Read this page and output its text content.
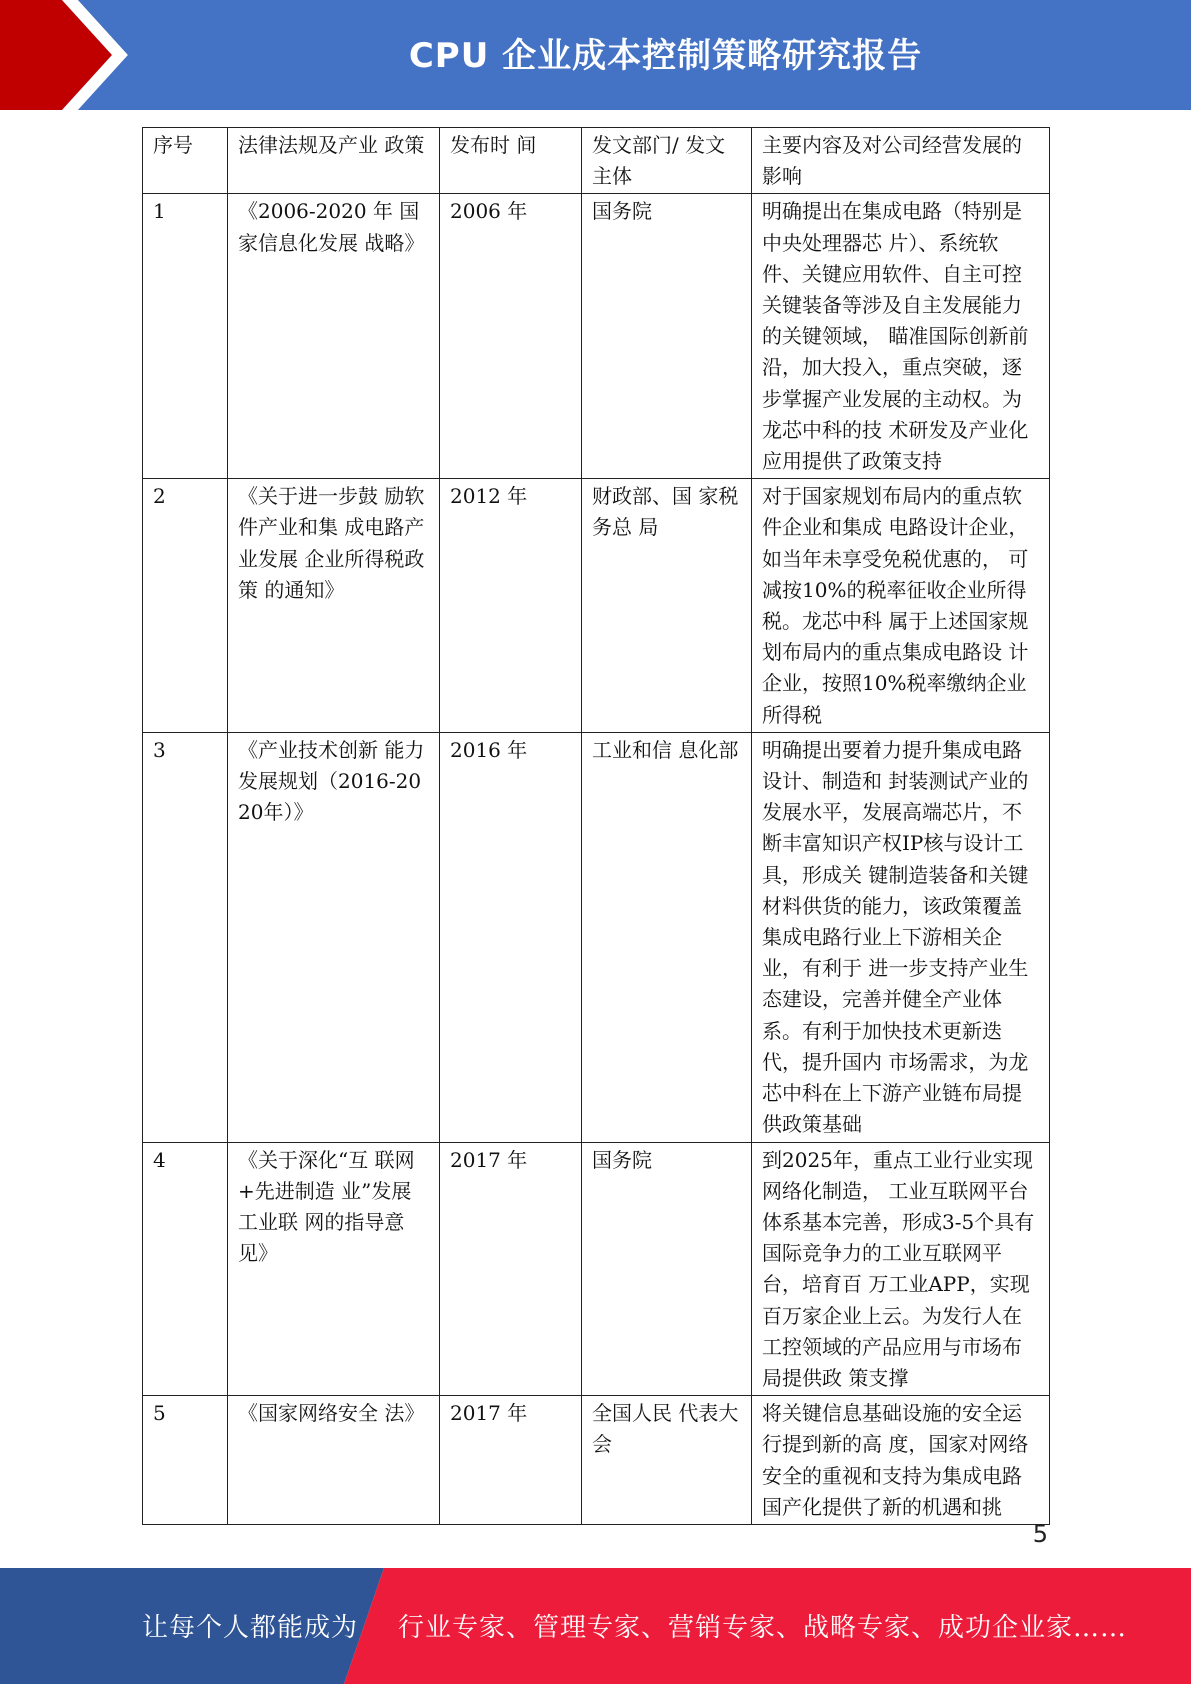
CPU 企业成本控制策略研究报告
序号	法律法规及产业 政策	发布时 间	发文部门/ 发文主体	主要内容及对公司经营发展的影响
1	《2006-2020 年 国家信息化发展 战略》	2006 年	国务院	明确提出在集成电路（特别是中央处理器芯 片）、系统软件、关键应用软件、自主可控关键装备等涉及自主发展能力的关键领域， 瞄准国际创新前沿，加大投入，重点突破，逐步掌握产业发展的主动权。为龙芯中科的技 术研发及产业化应用提供了政策支持
2	《关于进一步鼓 励软件产业和集 成电路产业发展 企业所得税政策 的通知》	2012 年	财政部、国 家税务总 局	对于国家规划布局内的重点软件企业和集成 电路设计企业，如当年未享受免税优惠的， 可减按10%的税率征收企业所得税。龙芯中科 属于上述国家规划布局内的重点集成电路设 计企业，按照10%税率缴纳企业所得税
3	《产业技术创新 能力发展规划（2016-2020年）》	2016 年	工业和信 息化部	明确提出要着力提升集成电路设计、制造和 封装测试产业的发展水平，发展高端芯片，不断丰富知识产权IP核与设计工具，形成关 键制造装备和关键材料供货的能力，该政策覆盖集成电路行业上下游相关企业，有利于 进一步支持产业生态建设，完善并健全产业体系。有利于加快技术更新迭代，提升国内 市场需求，为龙芯中科在上下游产业链布局提 供政策基础
4	《关于深化“互 联网+先进制造 业”发展工业联 网的指导意见》	2017 年	国务院	到2025年，重点工业行业实现网络化制造， 工业互联网平台体系基本完善，形成3-5个具有国际竞争力的工业互联网平台，培育百 万工业APP，实现百万家企业上云。为发行人在工控领域的产品应用与市场布局提供政 策支撑
5	《国家网络安全 法》	2017 年	全国人民 代表大会	将关键信息基础设施的安全运行提到新的高 度，国家对网络安全的重视和支持为集成电路国产化提供了新的机遇和挑
5
让每个人都能成为 行业专家、管理专家、营销专家、战略专家、成功企业家……
